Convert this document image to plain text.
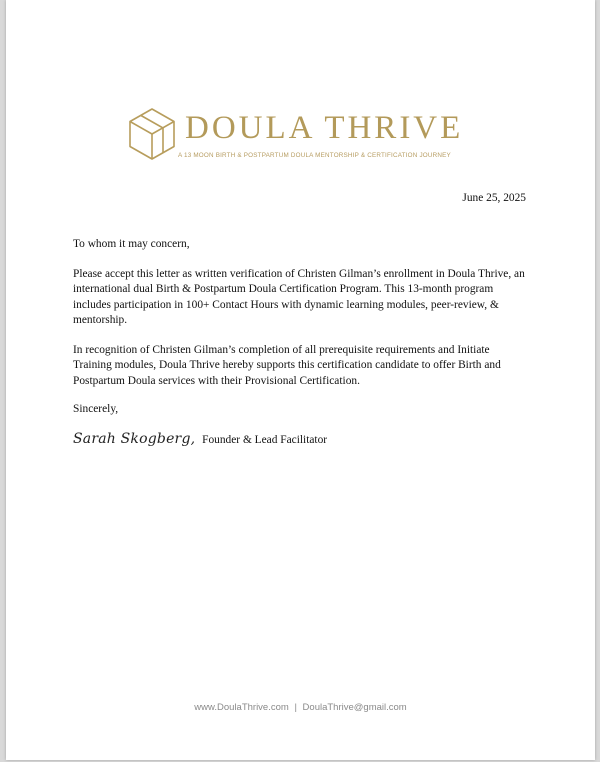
DOULA THRIVE
A 13 MOON BIRTH & POSTPARTUM DOULA MENTORSHIP & CERTIFICATION JOURNEY
June 25, 2025
To whom it may concern,

Please accept this letter as written verification of Christen Gilman’s enrollment in Doula Thrive, an international dual Birth & Postpartum Doula Certification Program. This 13-month program includes participation in 100+ Contact Hours with dynamic learning modules, peer-review, & mentorship.

In recognition of Christen Gilman’s completion of all prerequisite requirements and Initiate Training modules, Doula Thrive hereby supports this certification candidate to offer Birth and Postpartum Doula services with their Provisional Certification.

Sincerely,
Sarah Skogberg, Founder & Lead Facilitator
www.DoulaThrive.com | DoulaThrive@gmail.com
